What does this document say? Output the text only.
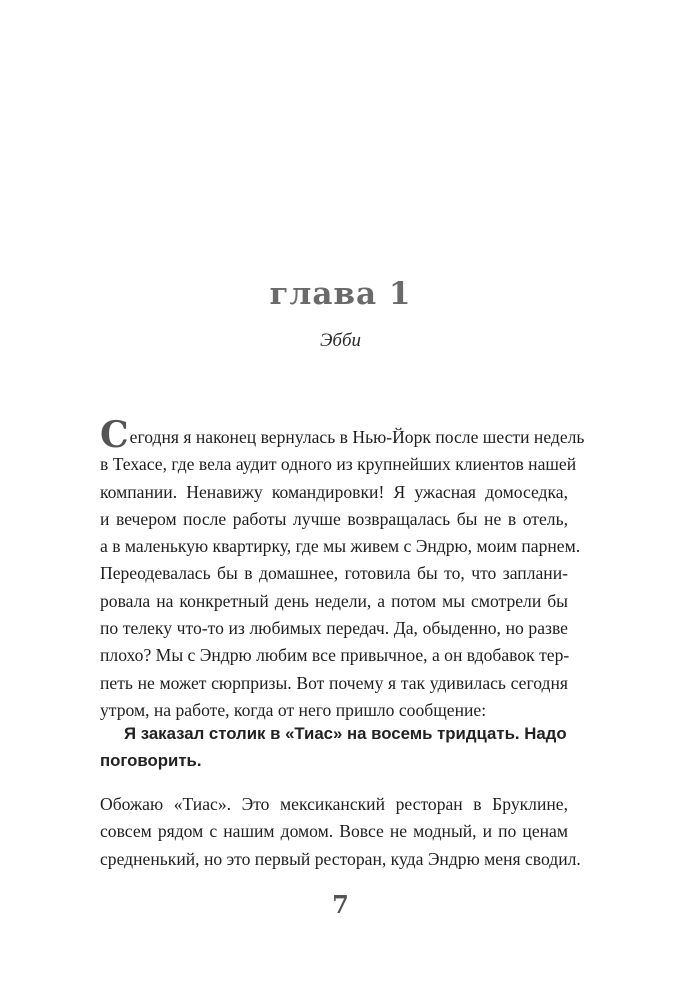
глава 1
Эбби
Сегодня я наконец вернулась в Нью-Йорк после шести недель
в Техасе, где вела аудит одного из крупнейших клиентов нашей
компании. Ненавижу командировки! Я ужасная домоседка,
и вечером после работы лучше возвращалась бы не в отель,
а в маленькую квартирку, где мы живем с Эндрю, моим парнем.
Переодевалась бы в домашнее, готовила бы то, что заплани-
ровала на конкретный день недели, а потом мы смотрели бы
по телеку что-то из любимых передач. Да, обыденно, но разве
плохо? Мы с Эндрю любим все привычное, а он вдобавок тер-
петь не может сюрпризы. Вот почему я так удивилась сегодня
утром, на работе, когда от него пришло сообщение:
Я заказал столик в «Тиас» на восемь тридцать. Надо
поговорить.
Обожаю «Тиас». Это мексиканский ресторан в Бруклине,
совсем рядом с нашим домом. Вовсе не модный, и по ценам
средненький, но это первый ресторан, куда Эндрю меня сводил.
7
